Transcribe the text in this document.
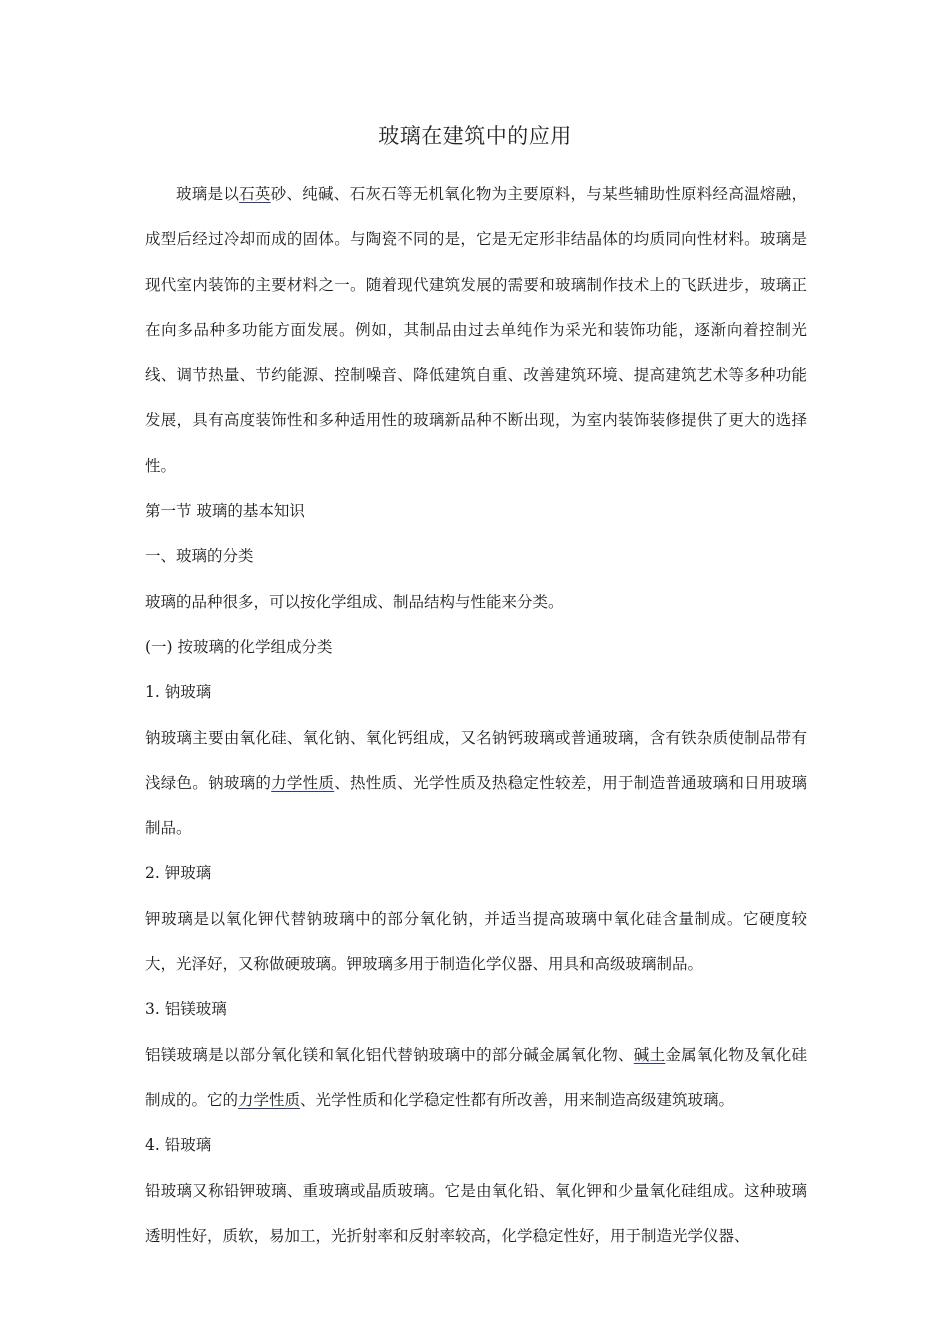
玻璃在建筑中的应用

玻璃是以石英砂、纯碱、石灰石等无机氧化物为主要原料，与某些辅助性原料经高温熔融，成型后经过冷却而成的固体。与陶瓷不同的是，它是无定形非结晶体的均质同向性材料。玻璃是现代室内装饰的主要材料之一。随着现代建筑发展的需要和玻璃制作技术上的飞跃进步，玻璃正在向多品种多功能方面发展。例如，其制品由过去单纯作为采光和装饰功能，逐渐向着控制光线、调节热量、节约能源、控制噪音、降低建筑自重、改善建筑环境、提高建筑艺术等多种功能发展，具有高度装饰性和多种适用性的玻璃新品种不断出现，为室内装饰装修提供了更大的选择性。

第一节 玻璃的基本知识

一、玻璃的分类

玻璃的品种很多，可以按化学组成、制品结构与性能来分类。

(一) 按玻璃的化学组成分类

1. 钠玻璃

钠玻璃主要由氧化硅、氧化钠、氧化钙组成，又名钠钙玻璃或普通玻璃，含有铁杂质使制品带有浅绿色。钠玻璃的力学性质、热性质、光学性质及热稳定性较差，用于制造普通玻璃和日用玻璃制品。

2. 钾玻璃

钾玻璃是以氧化钾代替钠玻璃中的部分氧化钠，并适当提高玻璃中氧化硅含量制成。它硬度较大，光泽好，又称做硬玻璃。钾玻璃多用于制造化学仪器、用具和高级玻璃制品。

3. 铝镁玻璃

铝镁玻璃是以部分氧化镁和氧化铝代替钠玻璃中的部分碱金属氧化物、碱土金属氧化物及氧化硅制成的。它的力学性质、光学性质和化学稳定性都有所改善，用来制造高级建筑玻璃。

4. 铅玻璃

铅玻璃又称铅钾玻璃、重玻璃或晶质玻璃。它是由氧化铅、氧化钾和少量氧化硅组成。这种玻璃透明性好，质软，易加工，光折射率和反射率较高，化学稳定性好，用于制造光学仪器、
